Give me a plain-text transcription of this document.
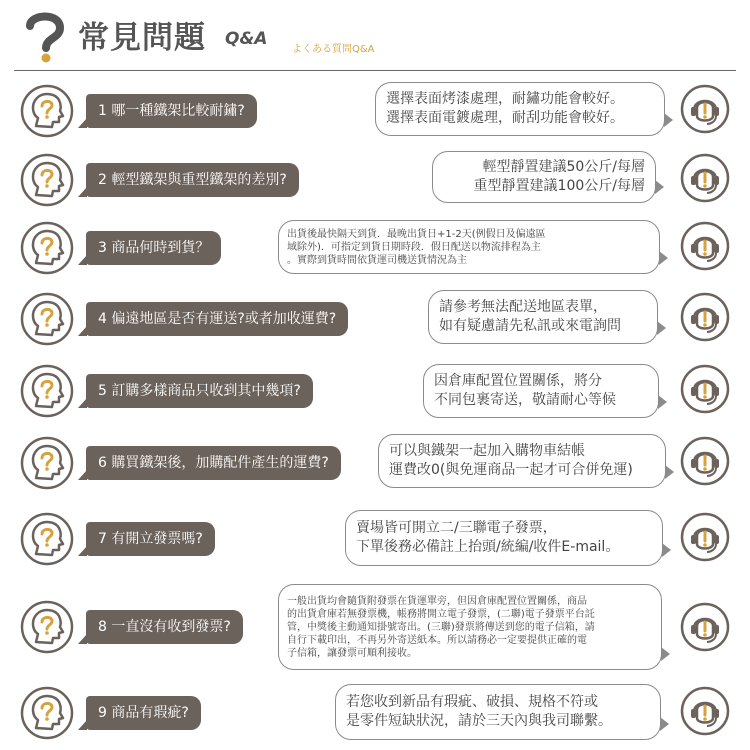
常見問題 Q&A
よくある質問Q&A
1 哪一種鐵架比較耐鏽?
選擇表面烤漆處理，耐鏽功能會較好。
選擇表面電鍍處理，耐刮功能會較好。
2 輕型鐵架與重型鐵架的差別?
輕型靜置建議50公斤/每層
重型靜置建議100公斤/每層
3 商品何時到貨？
出貨後最快隔天到貨．最晚出貨日+1-2天(例假日及偏遠區
域除外)．可指定到貨日期時段．假日配送以物流排程為主
。實際到貨時間依貨運司機送貨情況為主
4 偏遠地區是否有運送?或者加收運費?
請參考無法配送地區表單，
如有疑慮請先私訊或來電詢問
5 訂購多樣商品只收到其中幾項?
因倉庫配置位置關係，將分
不同包裹寄送，敬請耐心等候
6 購買鐵架後，加購配件產生的運費?
可以與鐵架一起加入購物車結帳
運費改0(與免運商品一起才可合併免運)
7 有開立發票嗎?
賣場皆可開立二/三聯電子發票，
下單後務必備註上抬頭/統編/收件E-mail。
8 一直沒有收到發票?
一般出貨均會隨貨附發票在貨運單旁，但因倉庫配置位置關係，商品
的出貨倉庫若無發票機，帳務將開立電子發票，(二聯)電子發票平台託
管，中獎後主動通知掛號寄出。(三聯)發票將傳送到您的電子信箱，請
自行下載印出，不再另外寄送紙本。所以請務必一定要提供正確的電
子信箱，讓發票可順利接收。
9 商品有瑕疵?
若您收到新品有瑕疵、破損、規格不符或
是零件短缺狀況，請於三天內與我司聯繫。
